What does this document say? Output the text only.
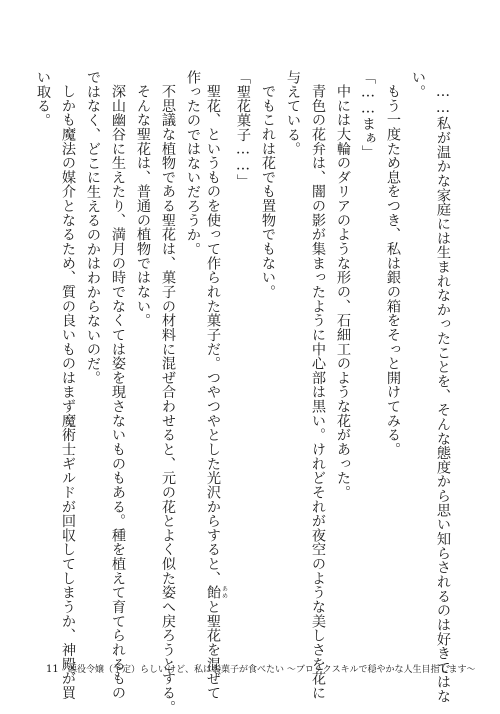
……私が温かな家庭には生まれなかったことを、そんな態度から思い知らされるのは好きではな
い。
もう一度ため息をつき、私は銀の箱をそっと開けてみる。
「……まぁ」
中には大輪のダリアのような形の、石細工のような花があった。
青色の花弁は、闇の影が集まったように中心部は黒い。けれどそれが夜空のような美しさを花に
与えている。
でもこれは花でも置物でもない。
「聖花菓子……」
聖花、というものを使って作られた菓子だ。つやつやとした光沢からすると、飴 あめと聖花を混ぜて
作ったのではないだろうか。
不思議な植物である聖花は、菓子の材料に混ぜ合わせると、元の花とよく似た姿へ戻ろうとする。
そんな聖花は、普通の植物ではない。
深山幽谷に生えたり、満月の時でなくては姿を現さないものもある。種を植えて育てられるもの
ではなく、どこに生えるのかはわからないのだ。
しかも魔法の媒介となるため、質の良いものはまず魔術士ギルドが回収してしまうか、神殿が買
い取る。
11 悪役令嬢（予定）らしいけど、私はお菓子が食べたい ～ブロックスキルで穏やかな人生目指します～
